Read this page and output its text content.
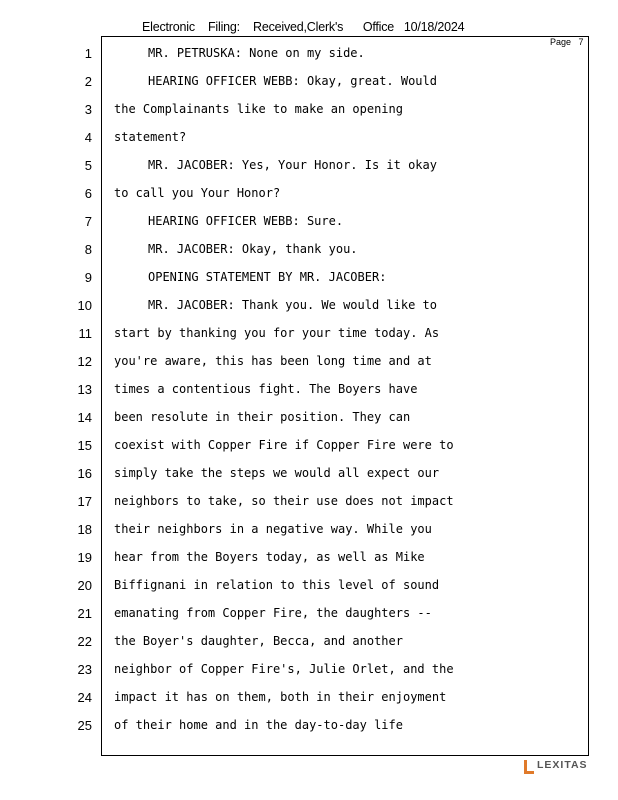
Electronic    Filing:    Received,Clerk's      Office   10/18/2024
Page   7
1
2
3
4
5
6
7
8
9
10
11
12
13
14
15
16
17
18
19
20
21
22
23
24
25
MR. PETRUSKA: None on my side.
HEARING OFFICER WEBB: Okay, great. Would
the Complainants like to make an opening
statement?
MR. JACOBER: Yes, Your Honor. Is it okay
to call you Your Honor?
HEARING OFFICER WEBB: Sure.
MR. JACOBER: Okay, thank you.
OPENING STATEMENT BY MR. JACOBER:
MR. JACOBER: Thank you. We would like to
start by thanking you for your time today. As
you're aware, this has been long time and at
times a contentious fight. The Boyers have
been resolute in their position. They can
coexist with Copper Fire if Copper Fire were to
simply take the steps we would all expect our
neighbors to take, so their use does not impact
their neighbors in a negative way. While you
hear from the Boyers today, as well as Mike
Biffignani in relation to this level of sound
emanating from Copper Fire, the daughters --
the Boyer's daughter, Becca, and another
neighbor of Copper Fire's, Julie Orlet, and the
impact it has on them, both in their enjoyment
of their home and in the day-to-day life
LEXITAS
